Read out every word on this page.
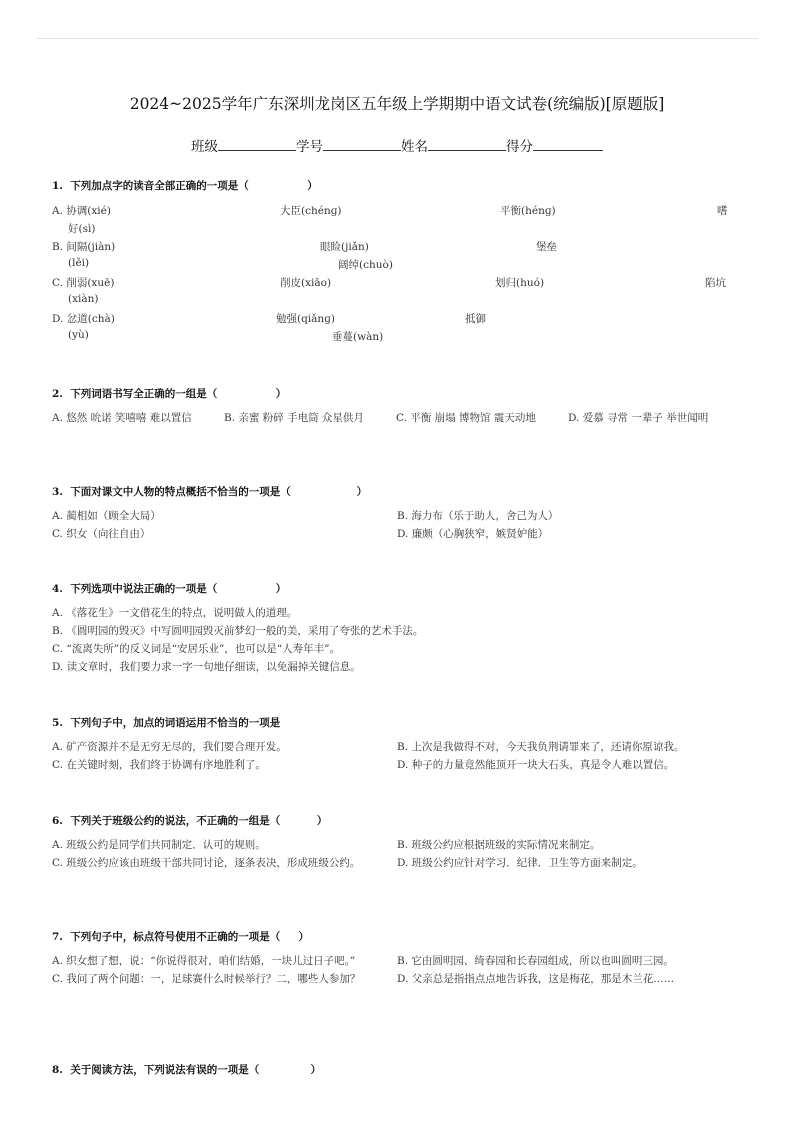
2024~2025学年广东深圳龙岗区五年级上学期期中语文试卷(统编版)[原题版]
班级	学号	姓名	得分
1.  下列加点字的读音全部正确的一项是（                ）
A. 协调(xié)	大臣(chénɡ)	平衡(hénɡ)	嗜
好(sì)
B. 间隔(jiàn)	眼睑(jiǎn)	堡垒
(lěi)	阔绰(chuò)
C. 削弱(xuē)	削皮(xiāo)	划归(huó)	陷坑
(xiàn)
D. 忿道(chà)	勉强(qiǎnɡ)	抵御
(yù)	垂蔓(wàn)
2.  下列词语书写全正确的一组是（                ）
A. 悠然 吮诺 笑嘻嘻 难以置信	B. 亲蜜 粉碎 手电筒 众星供月	C. 平衡 崩塌 博物馆 震天动地	D. 爱慕 寻常 一辈子 举世闻明
3.  下面对课文中人物的特点概括不恰当的一项是（                  ）
A. 蔺相如（顾全大局）	B. 海力布（乐于助人，舍己为人）
C. 织女（向往自由）	D. 廉颇（心胸狭窄，嫉贤妒能）
4.  下列选项中说法正确的一项是（                ）
A. 《落花生》一文借花生的特点，说明做人的道理。
B. 《圆明园的毁灭》中写圆明园毁灭前梦幻一般的美，采用了夸张的艺术手法。
C. “流离失所”的反义词是“安居乐业”，也可以是“人寿年丰”。
D. 读文章时，我们要力求一字一句地仔细读，以免漏掉关键信息。
5.  下列句子中，加点的词语运用不恰当的一项是
A. 矿产资源并不是无穷无尽的，我们要合理开发。	B. 上次是我做得不对，今天我负荆请罪来了，还请你原谅我。
C. 在关键时刻，我们终于协调有序地胜利了。	D. 种子的力量竟然能顶开一块大石头，真是令人难以置信。
6.  下列关于班级公约的说法，不正确的一组是（          ）
A. 班级公约是同学们共同制定．认可的规则。	B. 班级公约应根据班级的实际情况来制定。
C. 班级公约应该由班级干部共同讨论，逐条表决，形成班级公约。	D. 班级公约应针对学习．纪律．卫生等方面来制定。
7.  下列句子中，标点符号使用不正确的一项是（     ）
A. 织女想了想，说：“你说得很对，咱们结婚，一块儿过日子吧。”	B. 它由圆明园、绮春园和长春园组成，所以也叫圆明三园。
C. 我问了两个问题：一，足球赛什么时候举行？二，哪些人参加？	D. 父亲总是指指点点地告诉我，这是梅花，那是木兰花……
8.  关于阅读方法，下列说法有误的一项是（              ）
